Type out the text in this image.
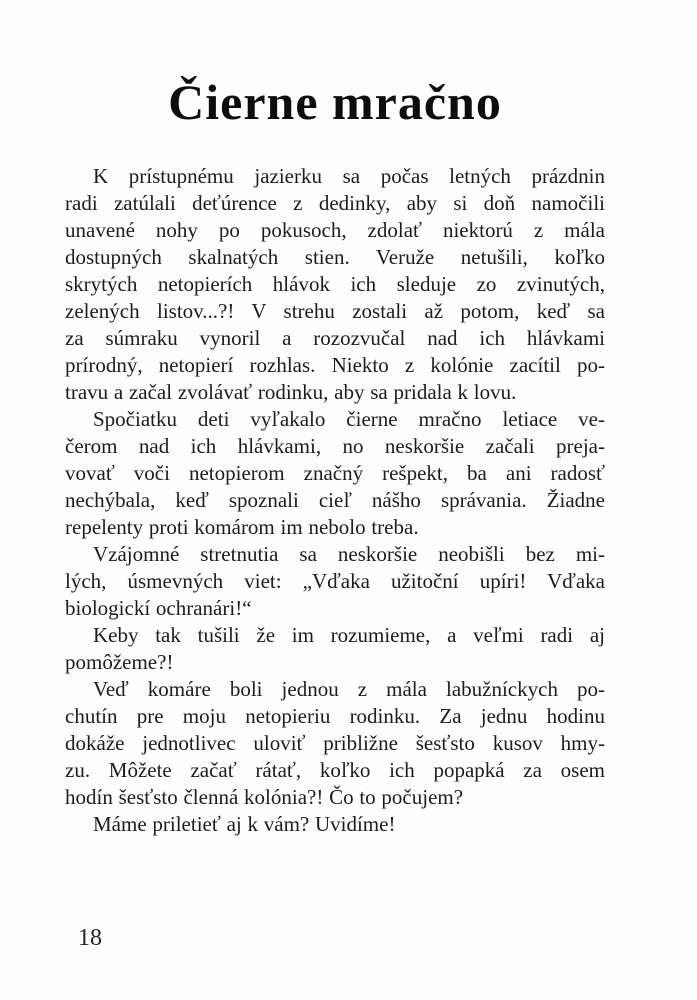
Čierne mračno
K prístupnému jazierku sa počas letných prázdnin
radi zatúlali deťúrence z dedinky, aby si doň namočili
unavené nohy po pokusoch, zdolať niektorú z mála
dostupných skalnatých stien. Veruže netušili, koľko
skrytých netopierích hlávok ich sleduje zo zvinutých,
zelených listov...?! V strehu zostali až potom, keď sa
za súmraku vynoril a rozozvučal nad ich hlávkami
prírodný, netopierí rozhlas. Niekto z kolónie zacítil po-
travu a začal zvolávať rodinku, aby sa pridala k lovu.
Spočiatku deti vyľakalo čierne mračno letiace ve-
čerom nad ich hlávkami, no neskoršie začali preja-
vovať voči netopierom značný rešpekt, ba ani radosť
nechýbala, keď spoznali cieľ nášho správania. Žiadne
repelenty proti komárom im nebolo treba.
Vzájomné stretnutia sa neskoršie neobišli bez mi-
lých, úsmevných viet: „Vďaka užitoční upíri! Vďaka
biologickí ochranári!“
Keby tak tušili že im rozumieme, a veľmi radi aj
pomôžeme?!
Veď komáre boli jednou z mála labužníckych po-
chutín pre moju netopieriu rodinku. Za jednu hodinu
dokáže jednotlivec uloviť približne šesťsto kusov hmy-
zu. Môžete začať rátať, koľko ich popapká za osem
hodín šesťsto členná kolónia?! Čo to počujem?
Máme priletieť aj k vám? Uvidíme!
18
